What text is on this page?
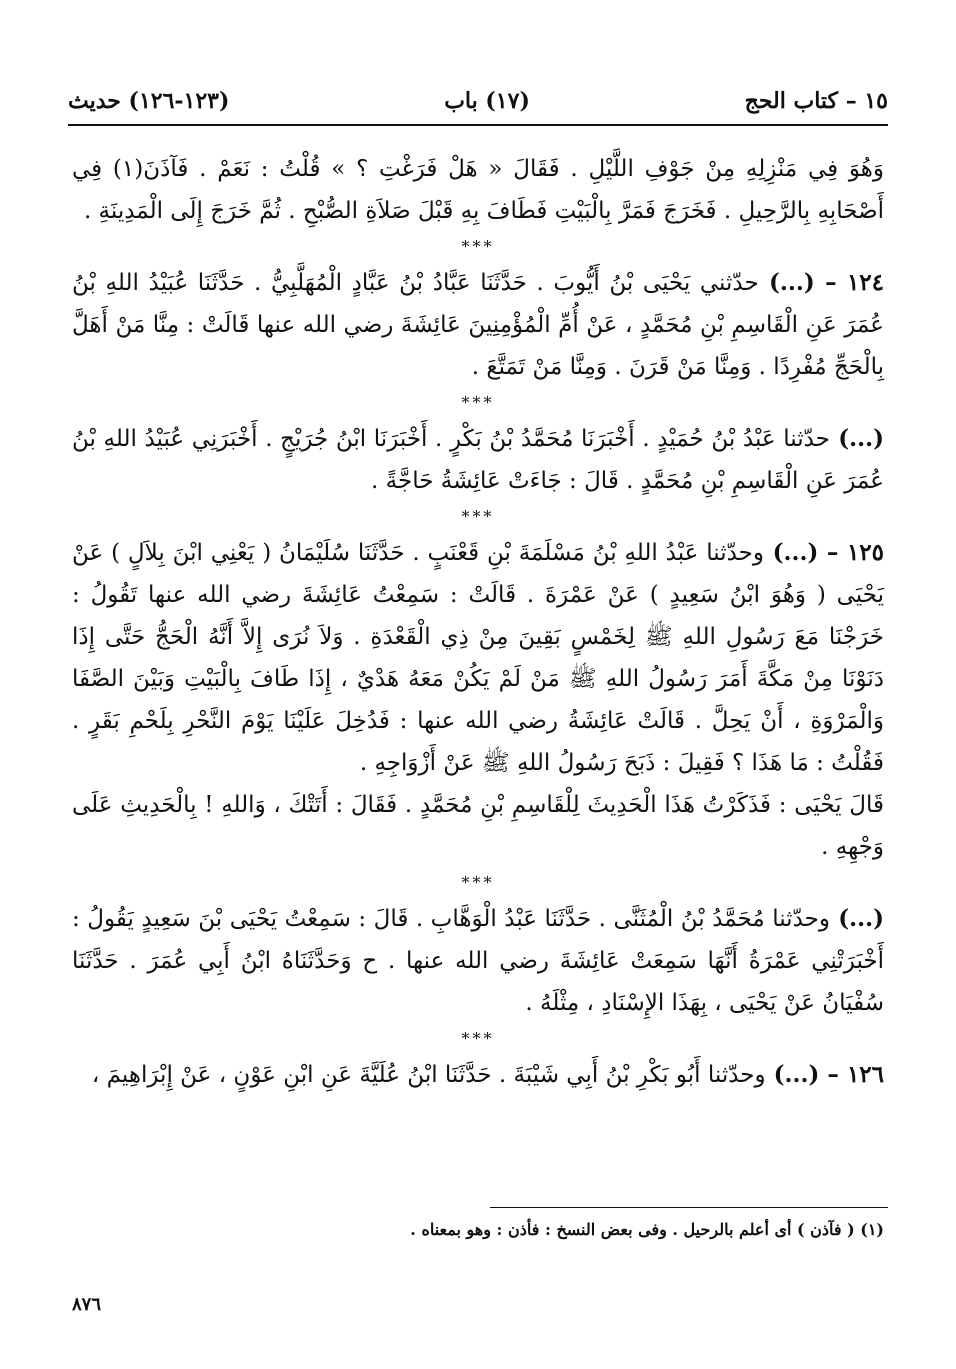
١٥ – كتاب الحج
(١٧) باب
(١٢٣-١٢٦) حديث

وَهُوَ فِي مَنْزِلِهِ مِنْ جَوْفِ اللَّيْلِ . فَقَالَ « هَلْ فَرَغْتِ ؟ » قُلْتُ : نَعَمْ . فَآذَنَ(١) فِي أَصْحَابِهِ بِالرَّحِيلِ . فَخَرَجَ فَمَرَّ بِالْبَيْتِ فَطَافَ بِهِ قَبْلَ صَلاَةِ الصُّبْحِ . ثُمَّ خَرَجَ إِلَى الْمَدِينَةِ .

***

١٢٤ – (...) حدّثني يَحْيَى بْنُ أَيُّوبَ . حَدَّثَنَا عَبَّادُ بْنُ عَبَّادٍ الْمُهَلَّبِيُّ . حَدَّثَنَا عُبَيْدُ اللهِ بْنُ عُمَرَ عَنِ الْقَاسِمِ بْنِ مُحَمَّدٍ ، عَنْ أُمِّ الْمُؤْمِنِينَ عَائِشَةَ رضي الله عنها قَالَتْ : مِنَّا مَنْ أَهَلَّ بِالْحَجِّ مُفْرِدًا . وَمِنَّا مَنْ قَرَنَ . وَمِنَّا مَنْ تَمَتَّعَ .

***

(...) حدّثنا عَبْدُ بْنُ حُمَيْدٍ . أَخْبَرَنَا مُحَمَّدُ بْنُ بَكْرٍ . أَخْبَرَنَا ابْنُ جُرَيْجٍ . أَخْبَرَنِي عُبَيْدُ اللهِ بْنُ عُمَرَ عَنِ الْقَاسِمِ بْنِ مُحَمَّدٍ . قَالَ : جَاءَتْ عَائِشَةُ حَاجَّةً .

***

١٢٥ – (...) وحدّثنا عَبْدُ اللهِ بْنُ مَسْلَمَةَ بْنِ قَعْنَبٍ . حَدَّثَنَا سُلَيْمَانُ ( يَعْنِي ابْنَ بِلاَلٍ ) عَنْ يَحْيَى ( وَهُوَ ابْنُ سَعِيدٍ ) عَنْ عَمْرَةَ . قَالَتْ : سَمِعْتُ عَائِشَةَ رضي الله عنها تَقُولُ : خَرَجْنَا مَعَ رَسُولِ اللهِ ﷺ لِخَمْسٍ بَقِينَ مِنْ ذِي الْقَعْدَةِ . وَلاَ نُرَى إِلاَّ أَنَّهُ الْحَجُّ حَتَّى إِذَا دَنَوْنَا مِنْ مَكَّةَ أَمَرَ رَسُولُ اللهِ ﷺ مَنْ لَمْ يَكُنْ مَعَهُ هَدْيٌ ، إِذَا طَافَ بِالْبَيْتِ وَبَيْنَ الصَّفَا وَالْمَرْوَةِ ، أَنْ يَحِلَّ . قَالَتْ عَائِشَةُ رضي الله عنها : فَدُخِلَ عَلَيْنَا يَوْمَ النَّحْرِ بِلَحْمِ بَقَرٍ . فَقُلْتُ : مَا هَذَا ؟ فَقِيلَ : ذَبَحَ رَسُولُ اللهِ ﷺ عَنْ أَزْوَاجِهِ .

قَالَ يَحْيَى : فَذَكَرْتُ هَذَا الْحَدِيثَ لِلْقَاسِمِ بْنِ مُحَمَّدٍ . فَقَالَ : أَتَتْكَ ، وَاللهِ ! بِالْحَدِيثِ عَلَى وَجْهِهِ .

***

(...) وحدّثنا مُحَمَّدُ بْنُ الْمُثَنَّى . حَدَّثَنَا عَبْدُ الْوَهَّابِ . قَالَ : سَمِعْتُ يَحْيَى بْنَ سَعِيدٍ يَقُولُ : أَخْبَرَتْنِي عَمْرَةُ أَنَّهَا سَمِعَتْ عَائِشَةَ رضي الله عنها . ح وَحَدَّثَنَاهُ ابْنُ أَبِي عُمَرَ . حَدَّثَنَا سُفْيَانُ عَنْ يَحْيَى ، بِهَذَا الإِسْنَادِ ، مِثْلَهُ .

***

١٢٦ – (...) وحدّثنا أَبُو بَكْرِ بْنُ أَبِي شَيْبَةَ . حَدَّثَنَا ابْنُ عُلَيَّةَ عَنِ ابْنِ عَوْنٍ ، عَنْ إِبْرَاهِيمَ ،

(١) ( فآذن ) أى أعلم بالرحيل . وفى بعض النسخ : فأذن : وهو بمعناه .
٨٧٦
